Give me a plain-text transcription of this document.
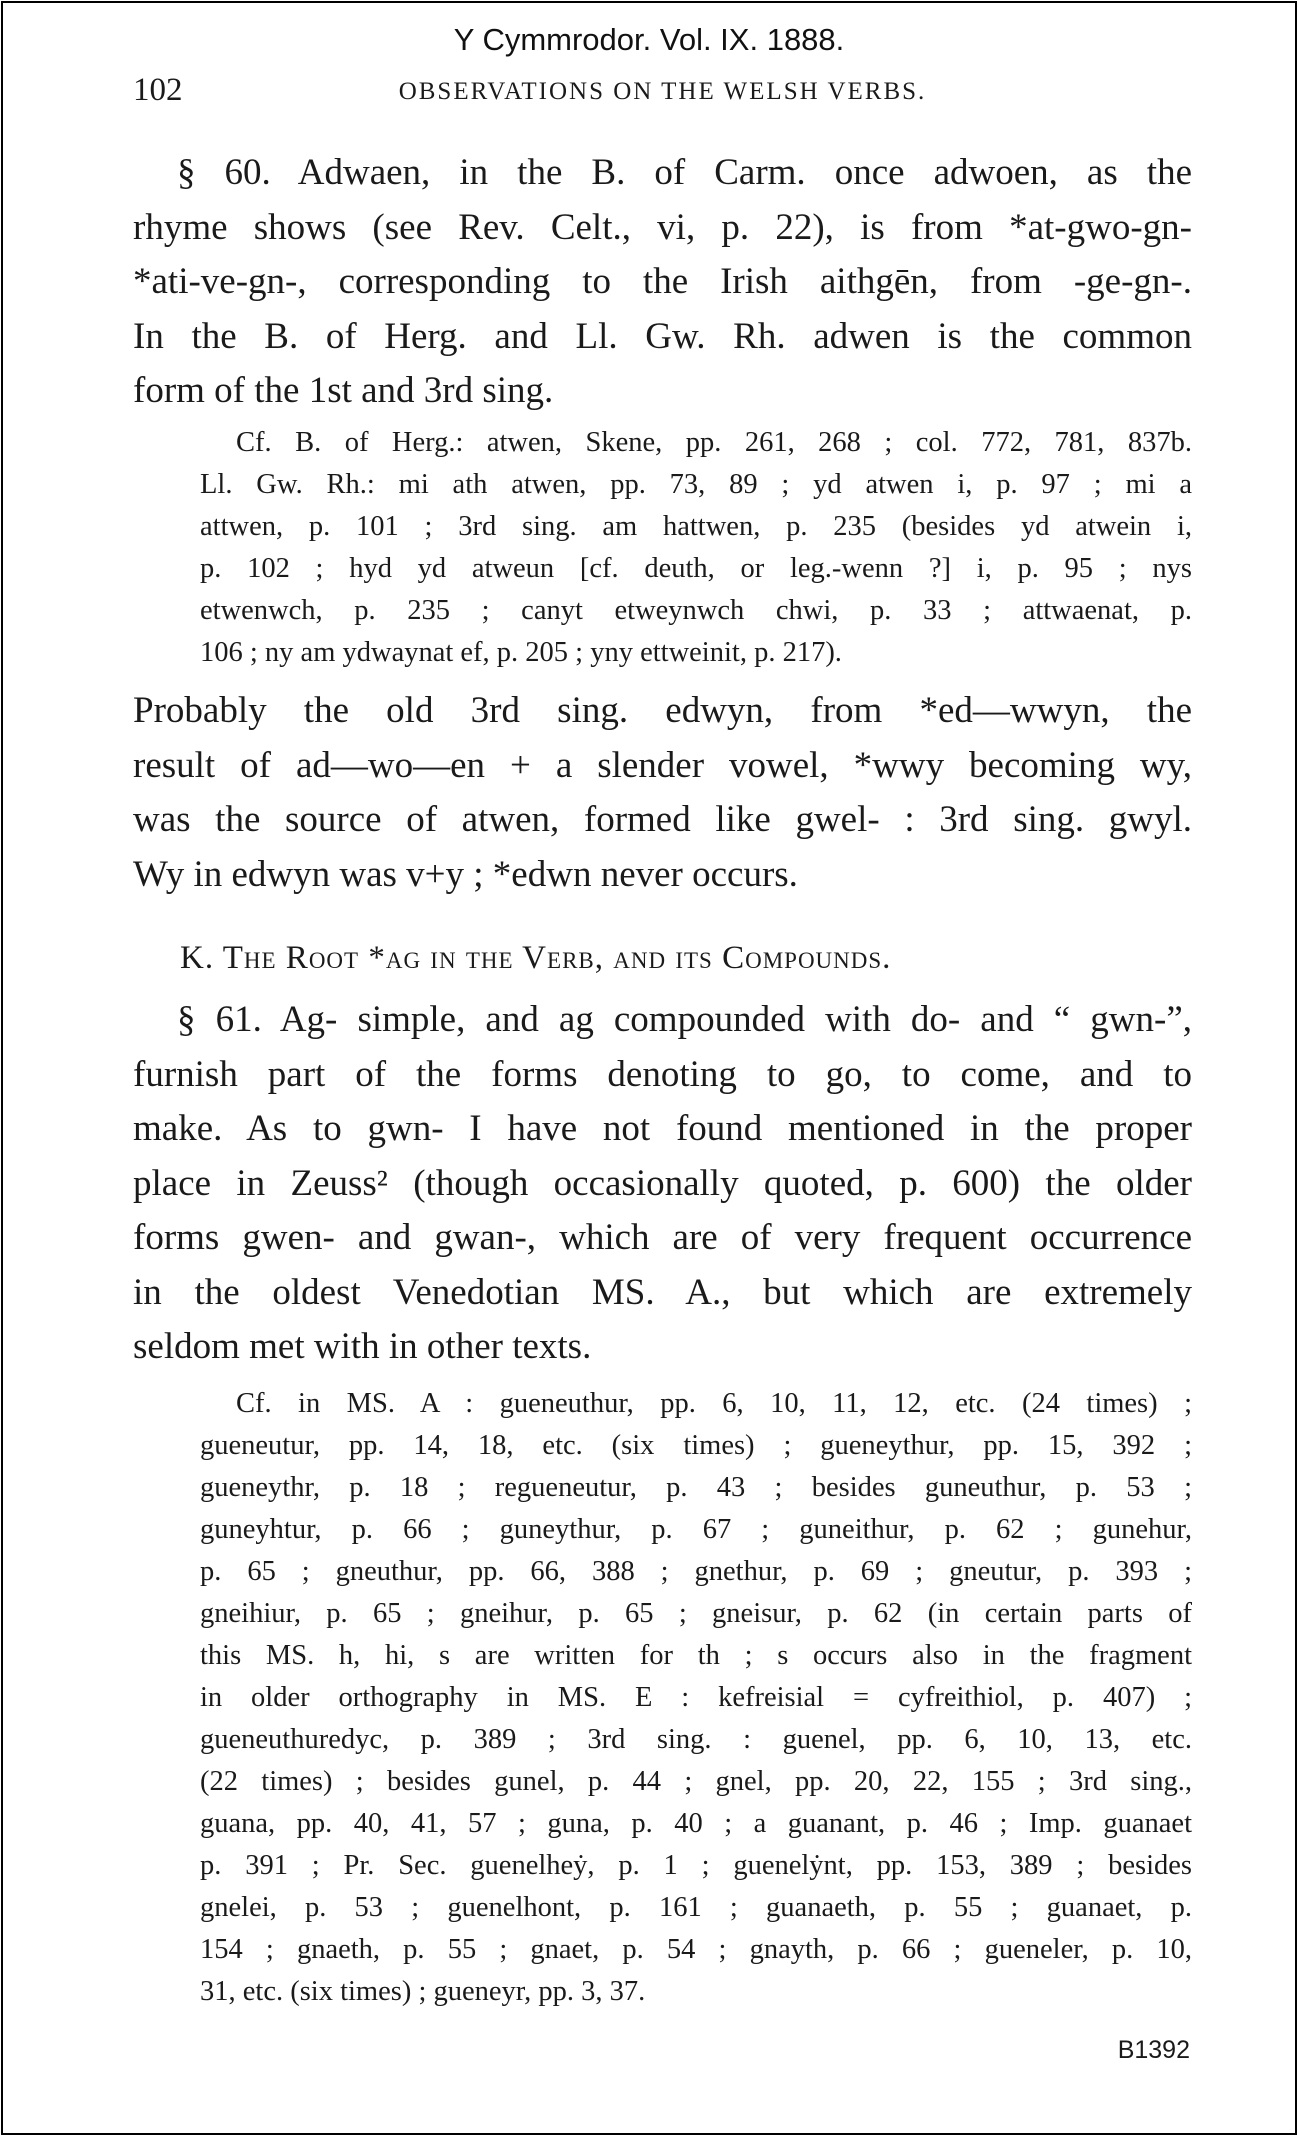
Y Cymmrodor. Vol. IX. 1888.
102	OBSERVATIONS ON THE WELSH VERBS.
§ 60. Adwaen, in the B. of Carm. once adwoen, as the
rhyme shows (see Rev. Celt., vi, p. 22), is from *at-gwo-gn-
*ati-ve-gn-, corresponding to the Irish aithgēn, from -ge-gn-.
In the B. of Herg. and Ll. Gw. Rh. adwen is the common
form of the 1st and 3rd sing.
Cf. B. of Herg.: atwen, Skene, pp. 261, 268 ; col. 772, 781, 837b.
Ll. Gw. Rh.: mi ath atwen, pp. 73, 89 ; yd atwen i, p. 97 ; mi a
attwen, p. 101 ; 3rd sing. am hattwen, p. 235 (besides yd atwein i,
p. 102 ; hyd yd atweun [cf. deuth, or leg.-wenn ?] i, p. 95 ; nys
etwenwch, p. 235 ; canyt etweynwch chwi, p. 33 ; attwaenat, p.
106 ; ny am ydwaynat ef, p. 205 ; yny ettweinit, p. 217).
Probably the old 3rd sing. edwyn, from *ed—wwyn, the
result of ad—wo—en + a slender vowel, *wwy becoming wy,
was the source of atwen, formed like gwel- : 3rd sing. gwyl.
Wy in edwyn was v+y ; *edwn never occurs.
K. The Root *ag in the Verb, and its Compounds.
§ 61. Ag- simple, and ag compounded with do- and “ gwn-”,
furnish part of the forms denoting to go, to come, and to
make. As to gwn- I have not found mentioned in the proper
place in Zeuss² (though occasionally quoted, p. 600) the older
forms gwen- and gwan-, which are of very frequent occurrence
in the oldest Venedotian MS. A., but which are extremely
seldom met with in other texts.
Cf. in MS. A : gueneuthur, pp. 6, 10, 11, 12, etc. (24 times) ;
gueneutur, pp. 14, 18, etc. (six times) ; gueneythur, pp. 15, 392 ;
gueneythr, p. 18 ; regueneutur, p. 43 ; besides guneuthur, p. 53 ;
guneyhtur, p. 66 ; guneythur, p. 67 ; guneithur, p. 62 ; gunehur,
p. 65 ; gneuthur, pp. 66, 388 ; gnethur, p. 69 ; gneutur, p. 393 ;
gneihiur, p. 65 ; gneihur, p. 65 ; gneisur, p. 62 (in certain parts of
this MS. h, hi, s are written for th ; s occurs also in the fragment
in older orthography in MS. E : kefreisial = cyfreithiol, p. 407) ;
gueneuthuredyc, p. 389 ; 3rd sing. : guenel, pp. 6, 10, 13, etc.
(22 times) ; besides gunel, p. 44 ; gnel, pp. 20, 22, 155 ; 3rd sing.,
guana, pp. 40, 41, 57 ; guna, p. 40 ; a guanant, p. 46 ; Imp. guanaet
p. 391 ; Pr. Sec. guenelheẏ, p. 1 ; guenelẏnt, pp. 153, 389 ; besides
gnelei, p. 53 ; guenelhont, p. 161 ; guanaeth, p. 55 ; guanaet, p.
154 ; gnaeth, p. 55 ; gnaet, p. 54 ; gnayth, p. 66 ; gueneler, p. 10,
31, etc. (six times) ; gueneyr, pp. 3, 37.
B1392
